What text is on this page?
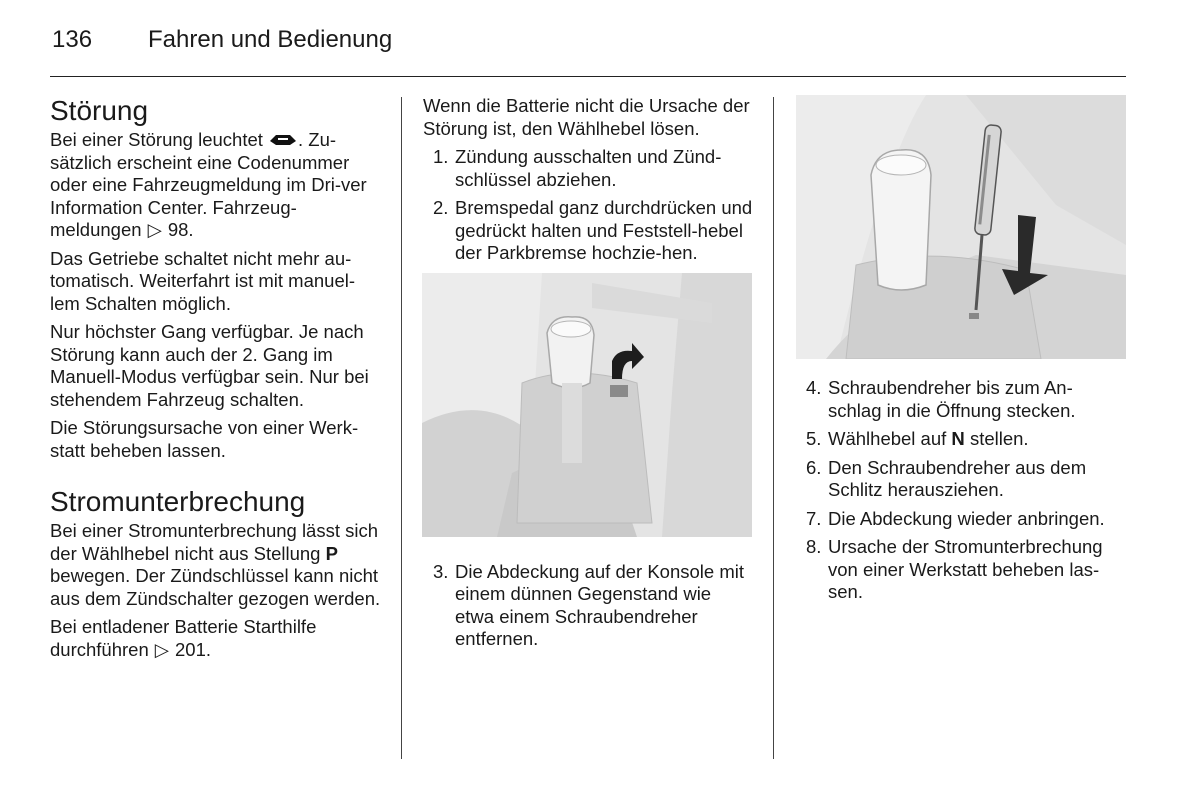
136 Fahren und Bedienung
Störung

Bei einer Störung leuchtet . Zu-sätzlich erscheint eine Codenummer oder eine Fahrzeugmeldung im Dri-ver Information Center. Fahrzeug-meldungen ▷ 98.

Das Getriebe schaltet nicht mehr au-tomatisch. Weiterfahrt ist mit manuel-lem Schalten möglich.

Nur höchster Gang verfügbar. Je nach Störung kann auch der 2. Gang im Manuell-Modus verfügbar sein. Nur bei stehendem Fahrzeug schalten.

Die Störungsursache von einer Werk-statt beheben lassen.

Stromunterbrechung

Bei einer Stromunterbrechung lässt sich der Wählhebel nicht aus Stellung P bewegen. Der Zündschlüssel kann nicht aus dem Zündschalter gezogen werden.

Bei entladener Batterie Starthilfe durchführen ▷ 201.

Wenn die Batterie nicht die Ursache der Störung ist, den Wählhebel lösen.

1. Zündung ausschalten und Zünd-schlüssel abziehen.
2. Bremspedal ganz durchdrücken und gedrückt halten und Feststell-hebel der Parkbremse hochzie-hen.
3. Die Abdeckung auf der Konsole mit einem dünnen Gegenstand wie etwa einem Schraubendreher entfernen.
4. Schraubendreher bis zum An-schlag in die Öffnung stecken.
5. Wählhebel auf N stellen.
6. Den Schraubendreher aus dem Schlitz herausziehen.
7. Die Abdeckung wieder anbringen.
8. Ursache der Stromunterbrechung von einer Werkstatt beheben las-sen.
